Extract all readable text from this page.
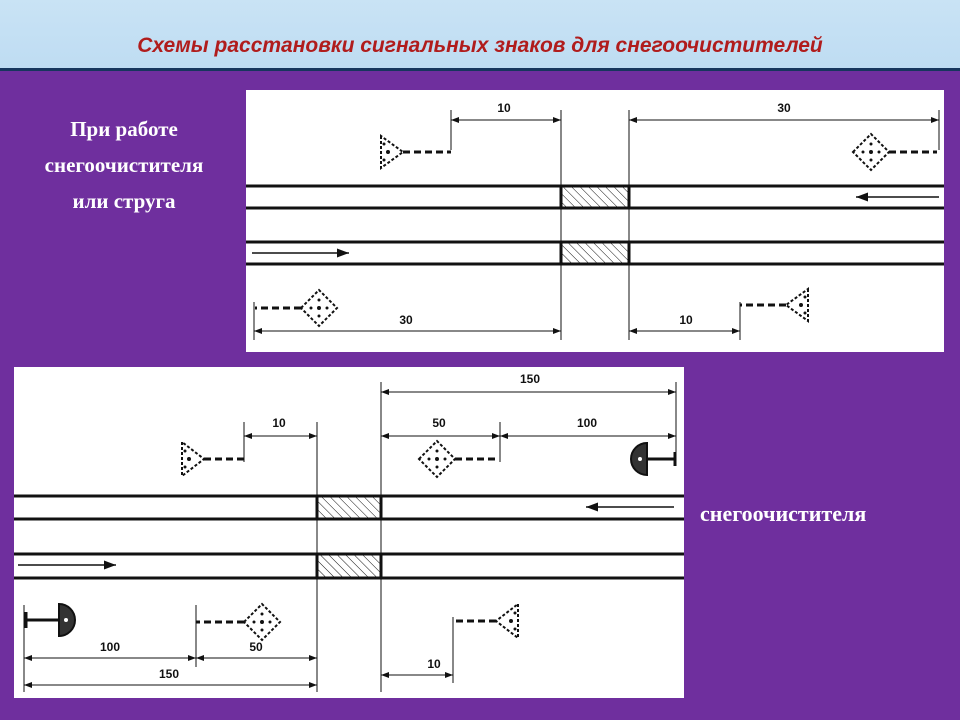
Схемы расстановки сигнальных знаков для снегоочистителей
При работе
снегоочистителя
или струга
снегоочистителя
10	30
30	10
150
10	50	100
100	50
150
10
